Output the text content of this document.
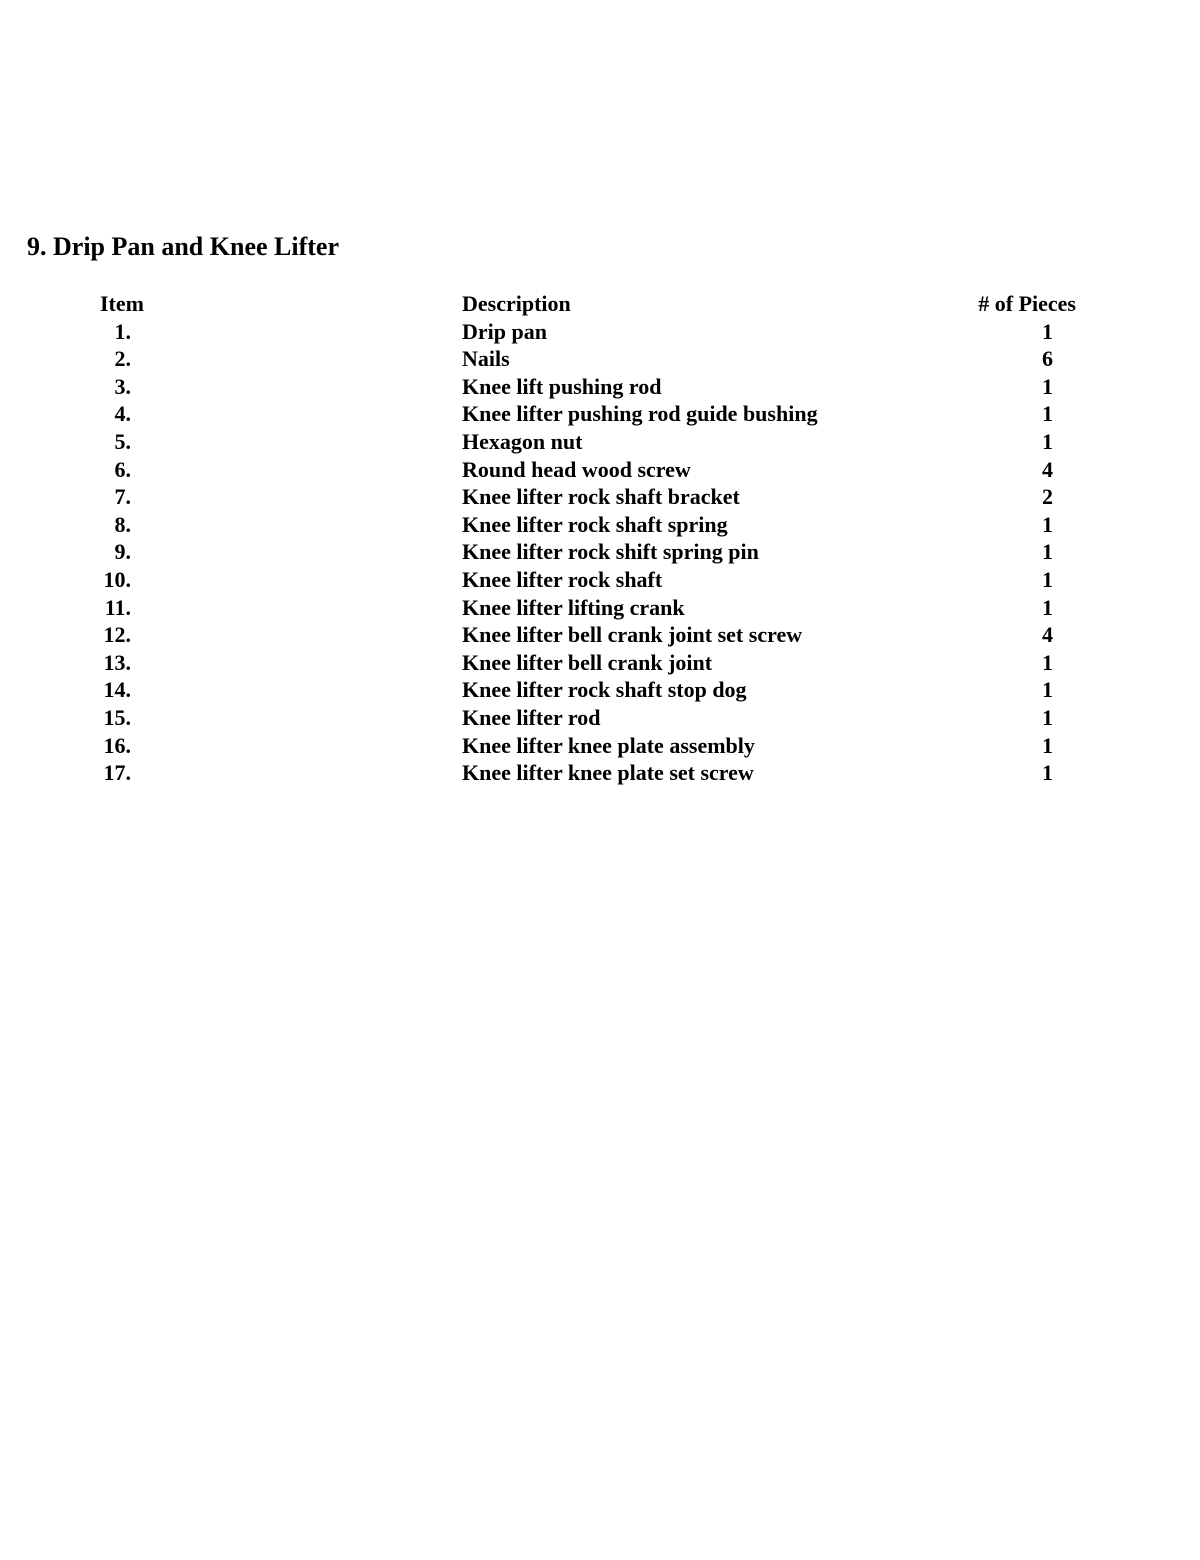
9. Drip Pan and Knee Lifter
Item	Description	# of Pieces
1.	Drip pan	1
2.	Nails	6
3.	Knee lift pushing rod	1
4.	Knee lifter pushing rod guide bushing	1
5.	Hexagon nut	1
6.	Round head wood screw	4
7.	Knee lifter rock shaft bracket	2
8.	Knee lifter rock shaft spring	1
9.	Knee lifter rock shift spring pin	1
10.	Knee lifter rock shaft	1
11.	Knee lifter lifting crank	1
12.	Knee lifter bell crank joint set screw	4
13.	Knee lifter bell crank joint	1
14.	Knee lifter rock shaft stop dog	1
15.	Knee lifter rod	1
16.	Knee lifter knee plate assembly	1
17.	Knee lifter knee plate set screw	1
